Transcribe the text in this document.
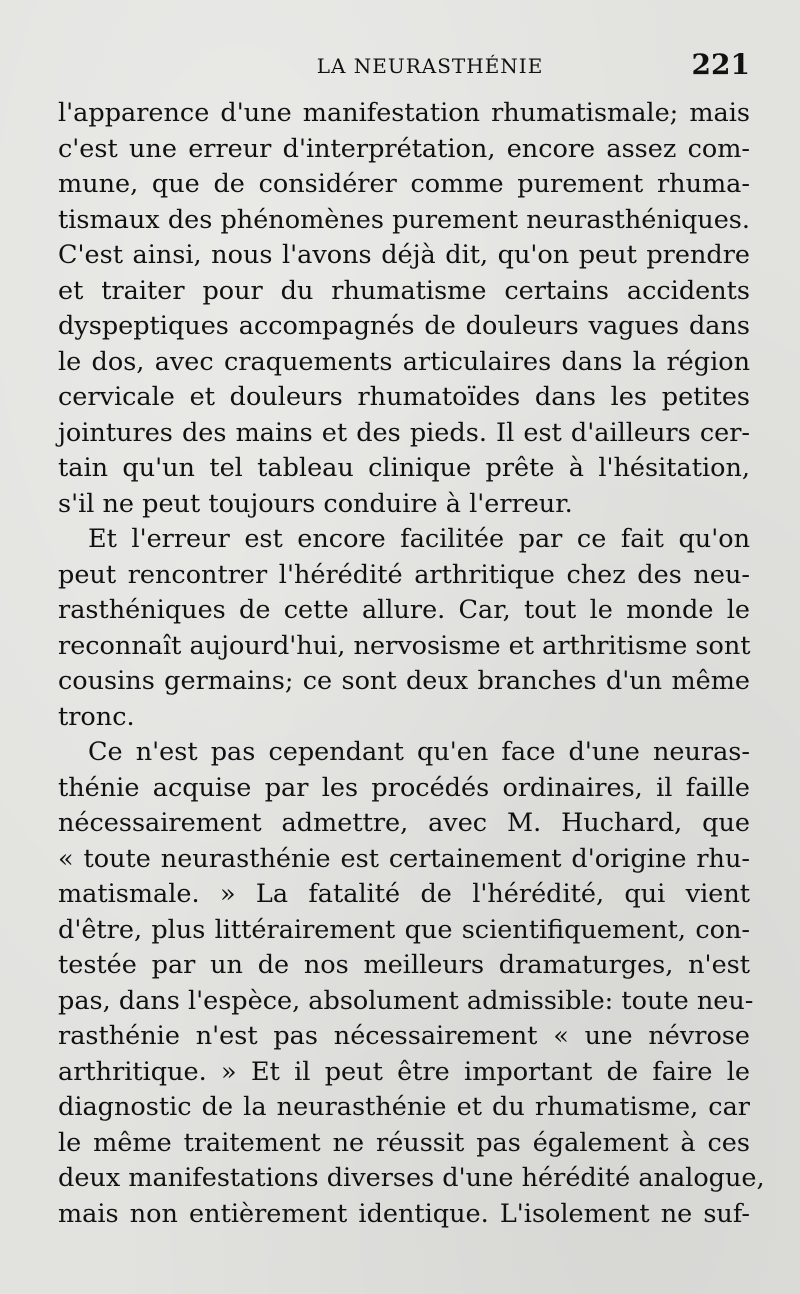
LA NEURASTHÉNIE	221
l'apparence d'une manifestation rhumatismale; mais
c'est une erreur d'interprétation, encore assez com-
mune, que de considérer comme purement rhuma-
tismaux des phénomènes purement neurasthéniques.
C'est ainsi, nous l'avons déjà dit, qu'on peut prendre
et traiter pour du rhumatisme certains accidents
dyspeptiques accompagnés de douleurs vagues dans
le dos, avec craquements articulaires dans la région
cervicale et douleurs rhumatoïdes dans les petites
jointures des mains et des pieds. Il est d'ailleurs cer-
tain qu'un tel tableau clinique prête à l'hésitation,
s'il ne peut toujours conduire à l'erreur.
Et l'erreur est encore facilitée par ce fait qu'on
peut rencontrer l'hérédité arthritique chez des neu-
rasthéniques de cette allure. Car, tout le monde le
reconnaît aujourd'hui, nervosisme et arthritisme sont
cousins germains; ce sont deux branches d'un même
tronc.
Ce n'est pas cependant qu'en face d'une neuras-
thénie acquise par les procédés ordinaires, il faille
nécessairement admettre, avec M. Huchard, que
« toute neurasthénie est certainement d'origine rhu-
matismale. » La fatalité de l'hérédité, qui vient
d'être, plus littérairement que scientifiquement, con-
testée par un de nos meilleurs dramaturges, n'est
pas, dans l'espèce, absolument admissible: toute neu-
rasthénie n'est pas nécessairement « une névrose
arthritique. » Et il peut être important de faire le
diagnostic de la neurasthénie et du rhumatisme, car
le même traitement ne réussit pas également à ces
deux manifestations diverses d'une hérédité analogue,
mais non entièrement identique. L'isolement ne suf-
